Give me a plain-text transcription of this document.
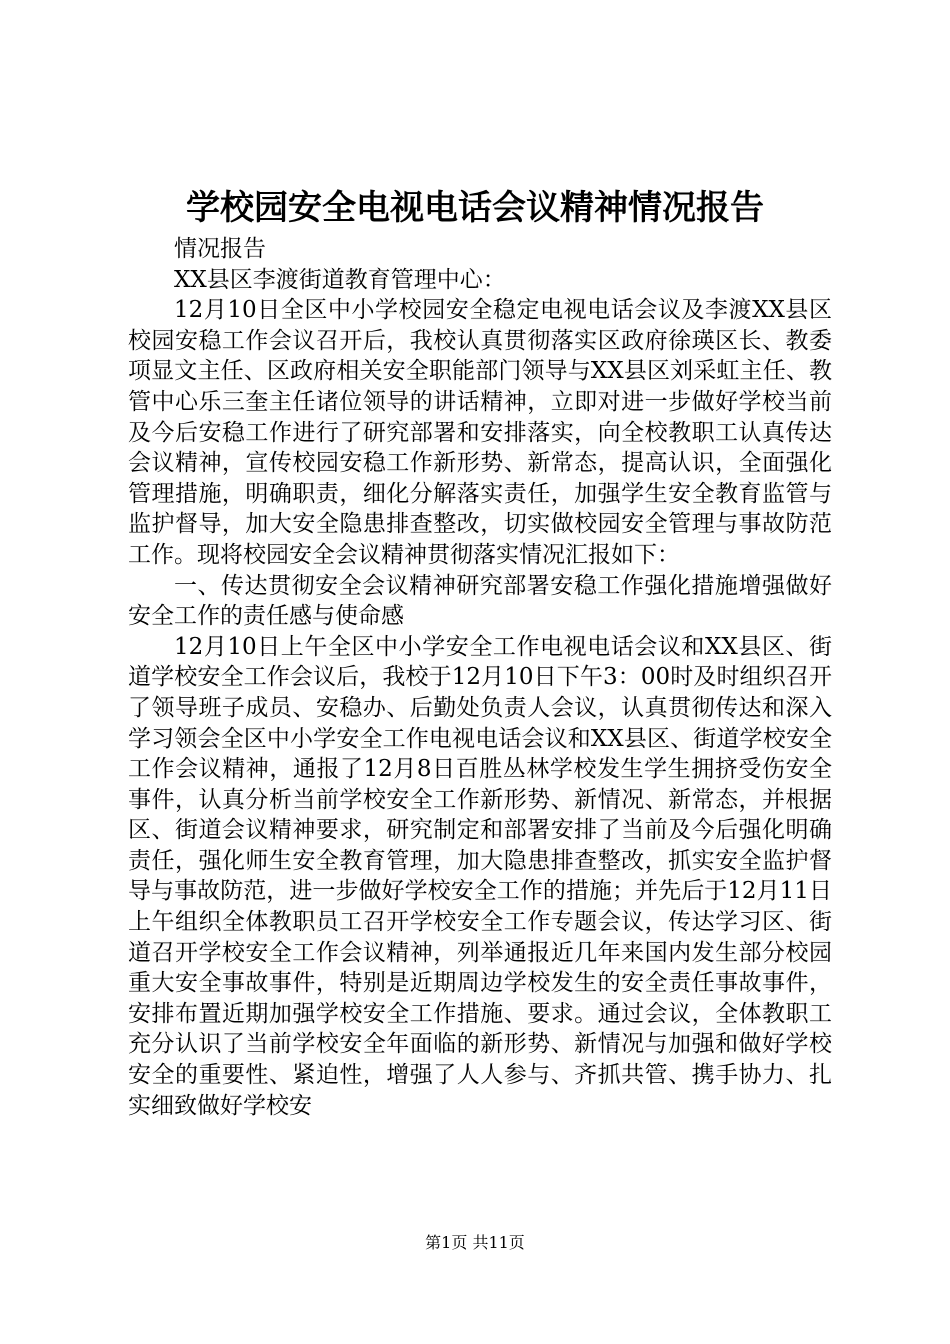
学校园安全电视电话会议精神情况报告

情况报告

XX县区李渡街道教育管理中心：

12月10日全区中小学校园安全稳定电视电话会议及李渡XX县区校园安稳工作会议召开后，我校认真贯彻落实区政府徐瑛区长、教委项显文主任、区政府相关安全职能部门领导与XX县区刘采虹主任、教管中心乐三奎主任诸位领导的讲话精神，立即对进一步做好学校当前及今后安稳工作进行了研究部署和安排落实，向全校教职工认真传达会议精神，宣传校园安稳工作新形势、新常态，提高认识，全面强化管理措施，明确职责，细化分解落实责任，加强学生安全教育监管与监护督导，加大安全隐患排查整改，切实做校园安全管理与事故防范工作。现将校园安全会议精神贯彻落实情况汇报如下：

一、传达贯彻安全会议精神研究部署安稳工作强化措施增强做好安全工作的责任感与使命感

12月10日上午全区中小学安全工作电视电话会议和XX县区、街道学校安全工作会议后，我校于12月10日下午3：00时及时组织召开了领导班子成员、安稳办、后勤处负责人会议，认真贯彻传达和深入学习领会全区中小学安全工作电视电话会议和XX县区、街道学校安全工作会议精神，通报了12月8日百胜丛林学校发生学生拥挤受伤安全事件，认真分析当前学校安全工作新形势、新情况、新常态，并根据区、街道会议精神要求，研究制定和部署安排了当前及今后强化明确责任，强化师生安全教育管理，加大隐患排查整改，抓实安全监护督导与事故防范，进一步做好学校安全工作的措施；并先后于12月11日上午组织全体教职员工召开学校安全工作专题会议，传达学习区、街道召开学校安全工作会议精神，列举通报近几年来国内发生部分校园重大安全事故事件，特别是近期周边学校发生的安全责任事故事件，安排布置近期加强学校安全工作措施、要求。通过会议，全体教职工充分认识了当前学校安全年面临的新形势、新情况与加强和做好学校安全的重要性、紧迫性，增强了人人参与、齐抓共管、携手协力、扎实细致做好学校安

第1页 共11页
